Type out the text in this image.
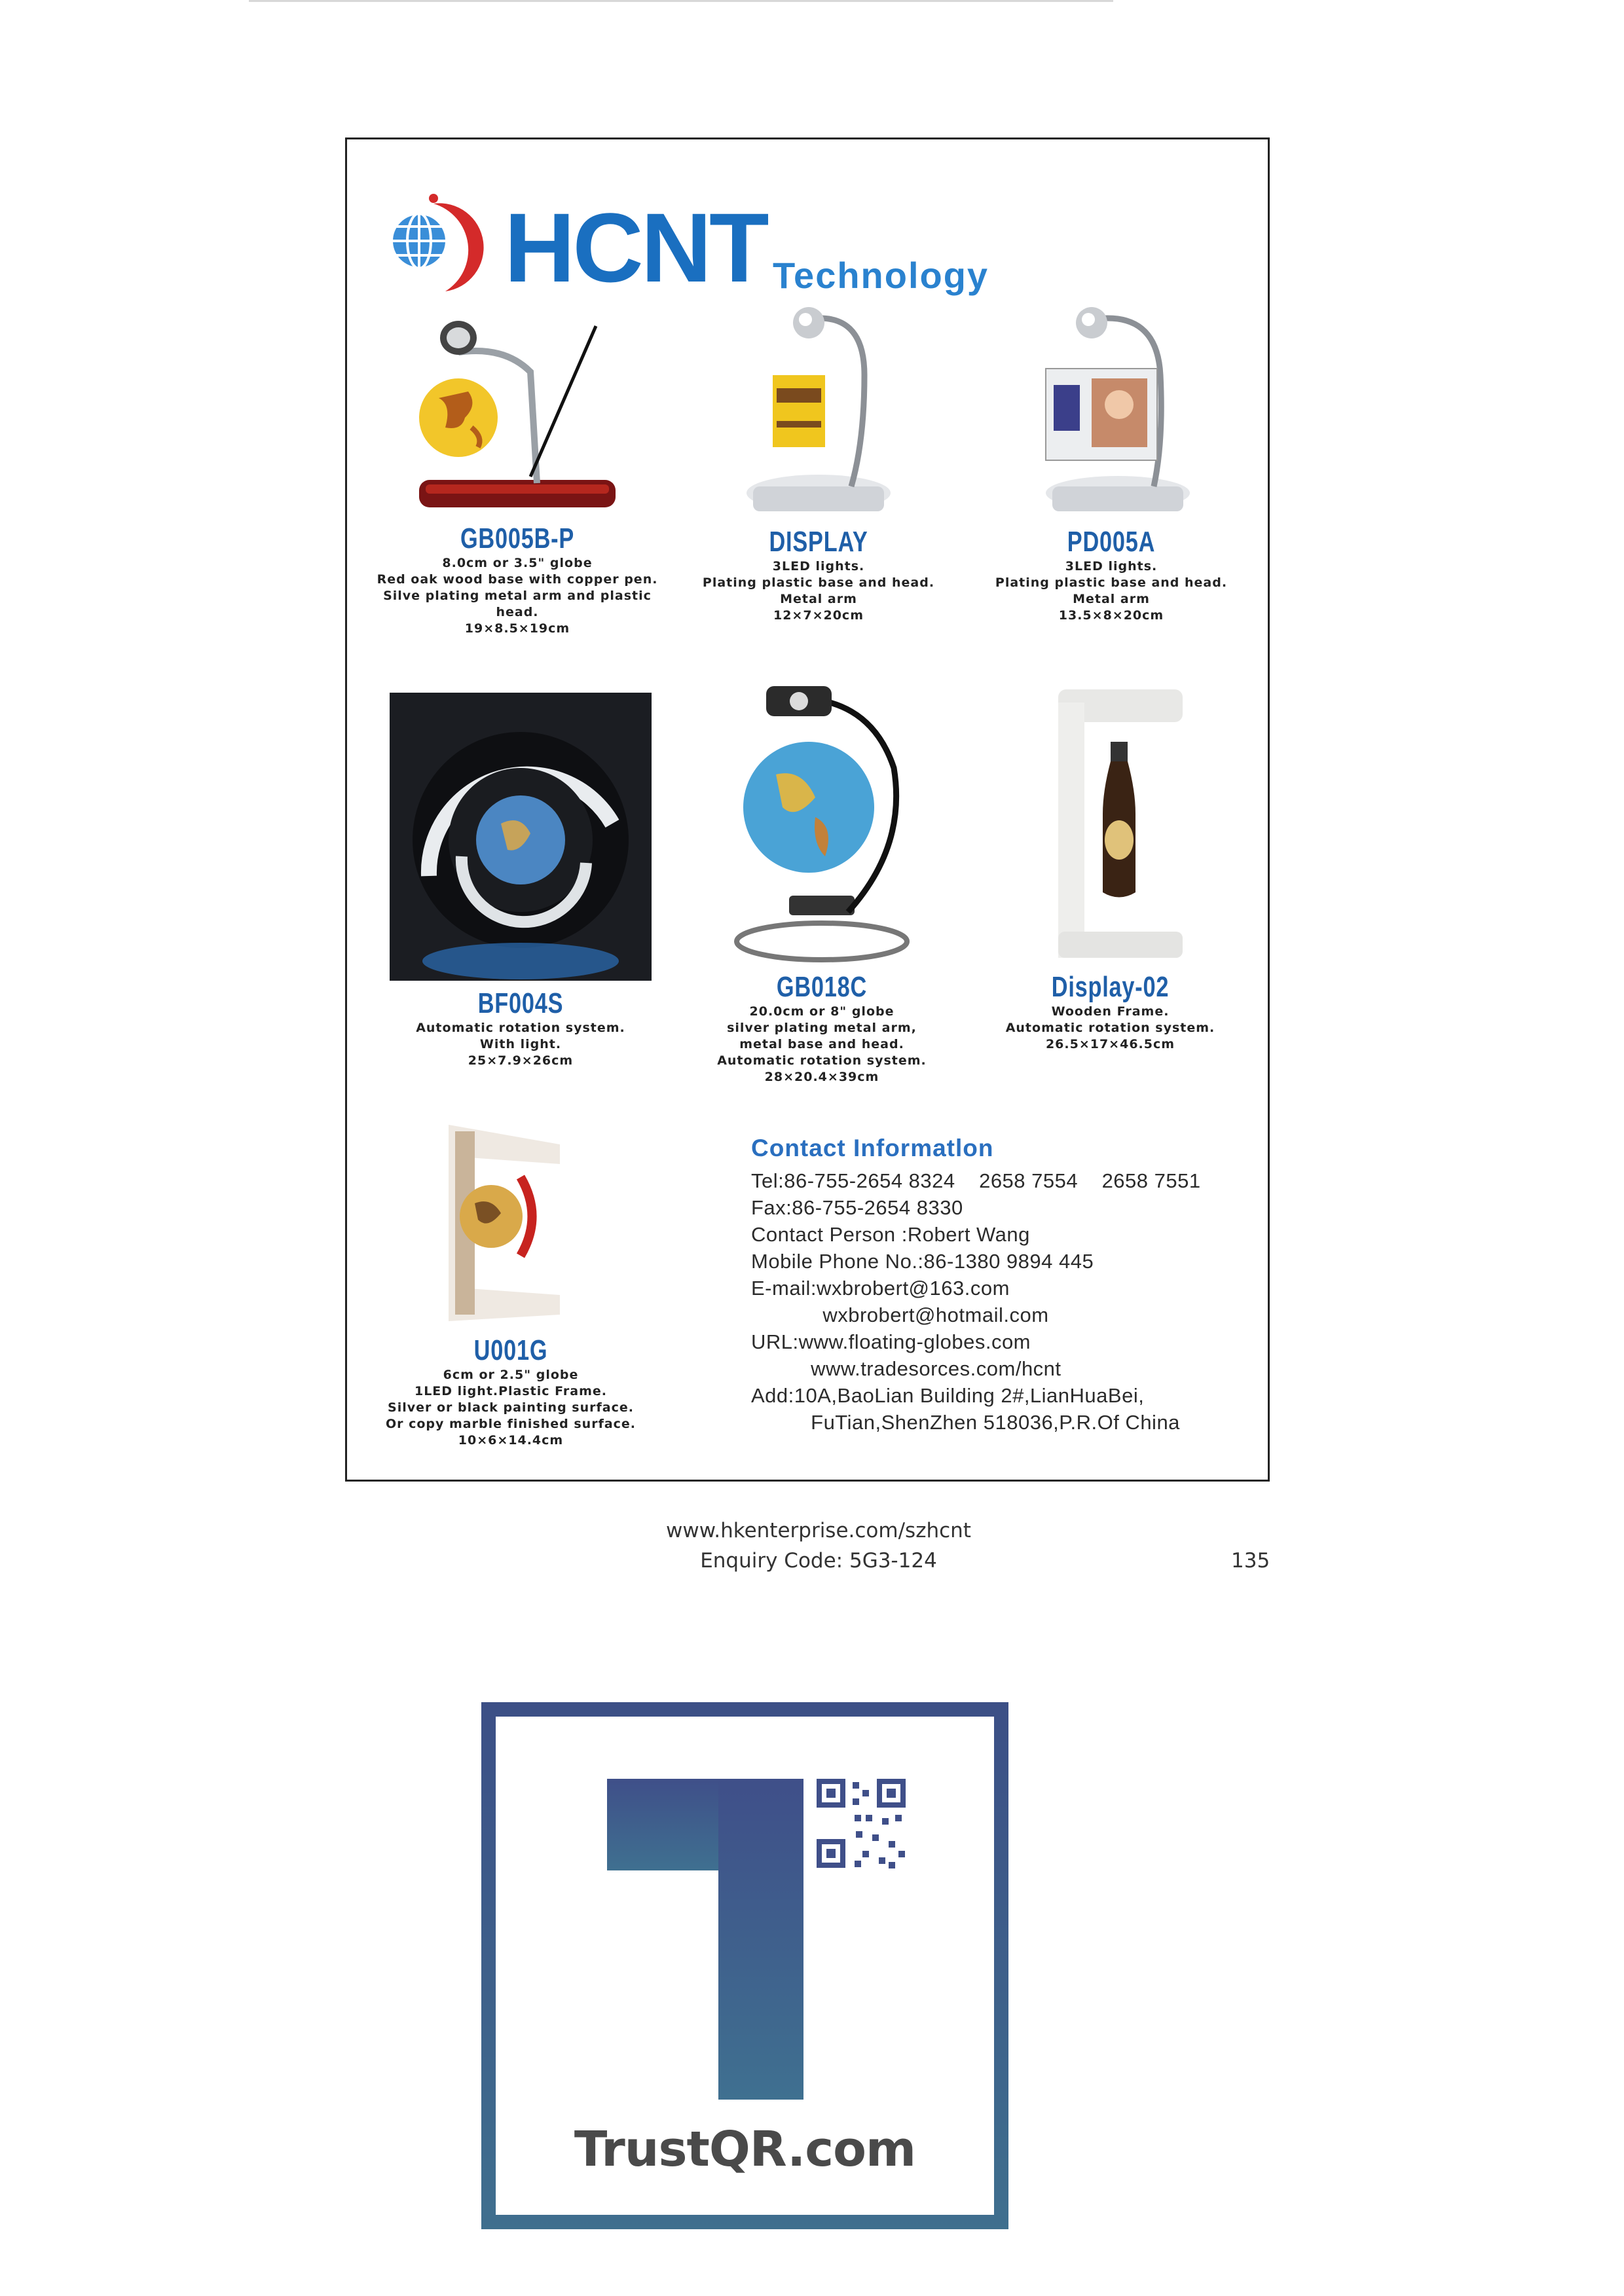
HCNT Technology
GB005B-P
8.0cm or 3.5" globe
Red oak wood base with copper pen.
Silve plating metal arm and plastic head.
19×8.5×19cm
DISPLAY
3LED lights.
Plating plastic base and head.
Metal arm
12×7×20cm
PD005A
3LED lights.
Plating plastic base and head.
Metal arm
13.5×8×20cm
BF004S
Automatic rotation system.
With light.
25×7.9×26cm
GB018C
20.0cm or 8" globe
silver plating metal arm,
metal base and head.
Automatic rotation system.
28×20.4×39cm
Display-02
Wooden Frame.
Automatic rotation system.
26.5×17×46.5cm
U001G
6cm or 2.5" globe
1LED light.Plastic Frame.
Silver or black painting surface.
Or copy marble finished surface.
10×6×14.4cm
Contact Informatlon
Tel:86-755-2654 8324    2658 7554    2658 7551
Fax:86-755-2654 8330
Contact Person :Robert Wang
Mobile Phone No.:86-1380 9894 445
E-mail:wxbrobert@163.com
wxbrobert@hotmail.com
URL:www.floating-globes.com
www.tradesorces.com/hcnt
Add:10A,BaoLian Building 2#,LianHuaBei,
FuTian,ShenZhen 518036,P.R.Of China
www.hkenterprise.com/szhcnt
Enquiry Code: 5G3-124	135
TrustQR.com
